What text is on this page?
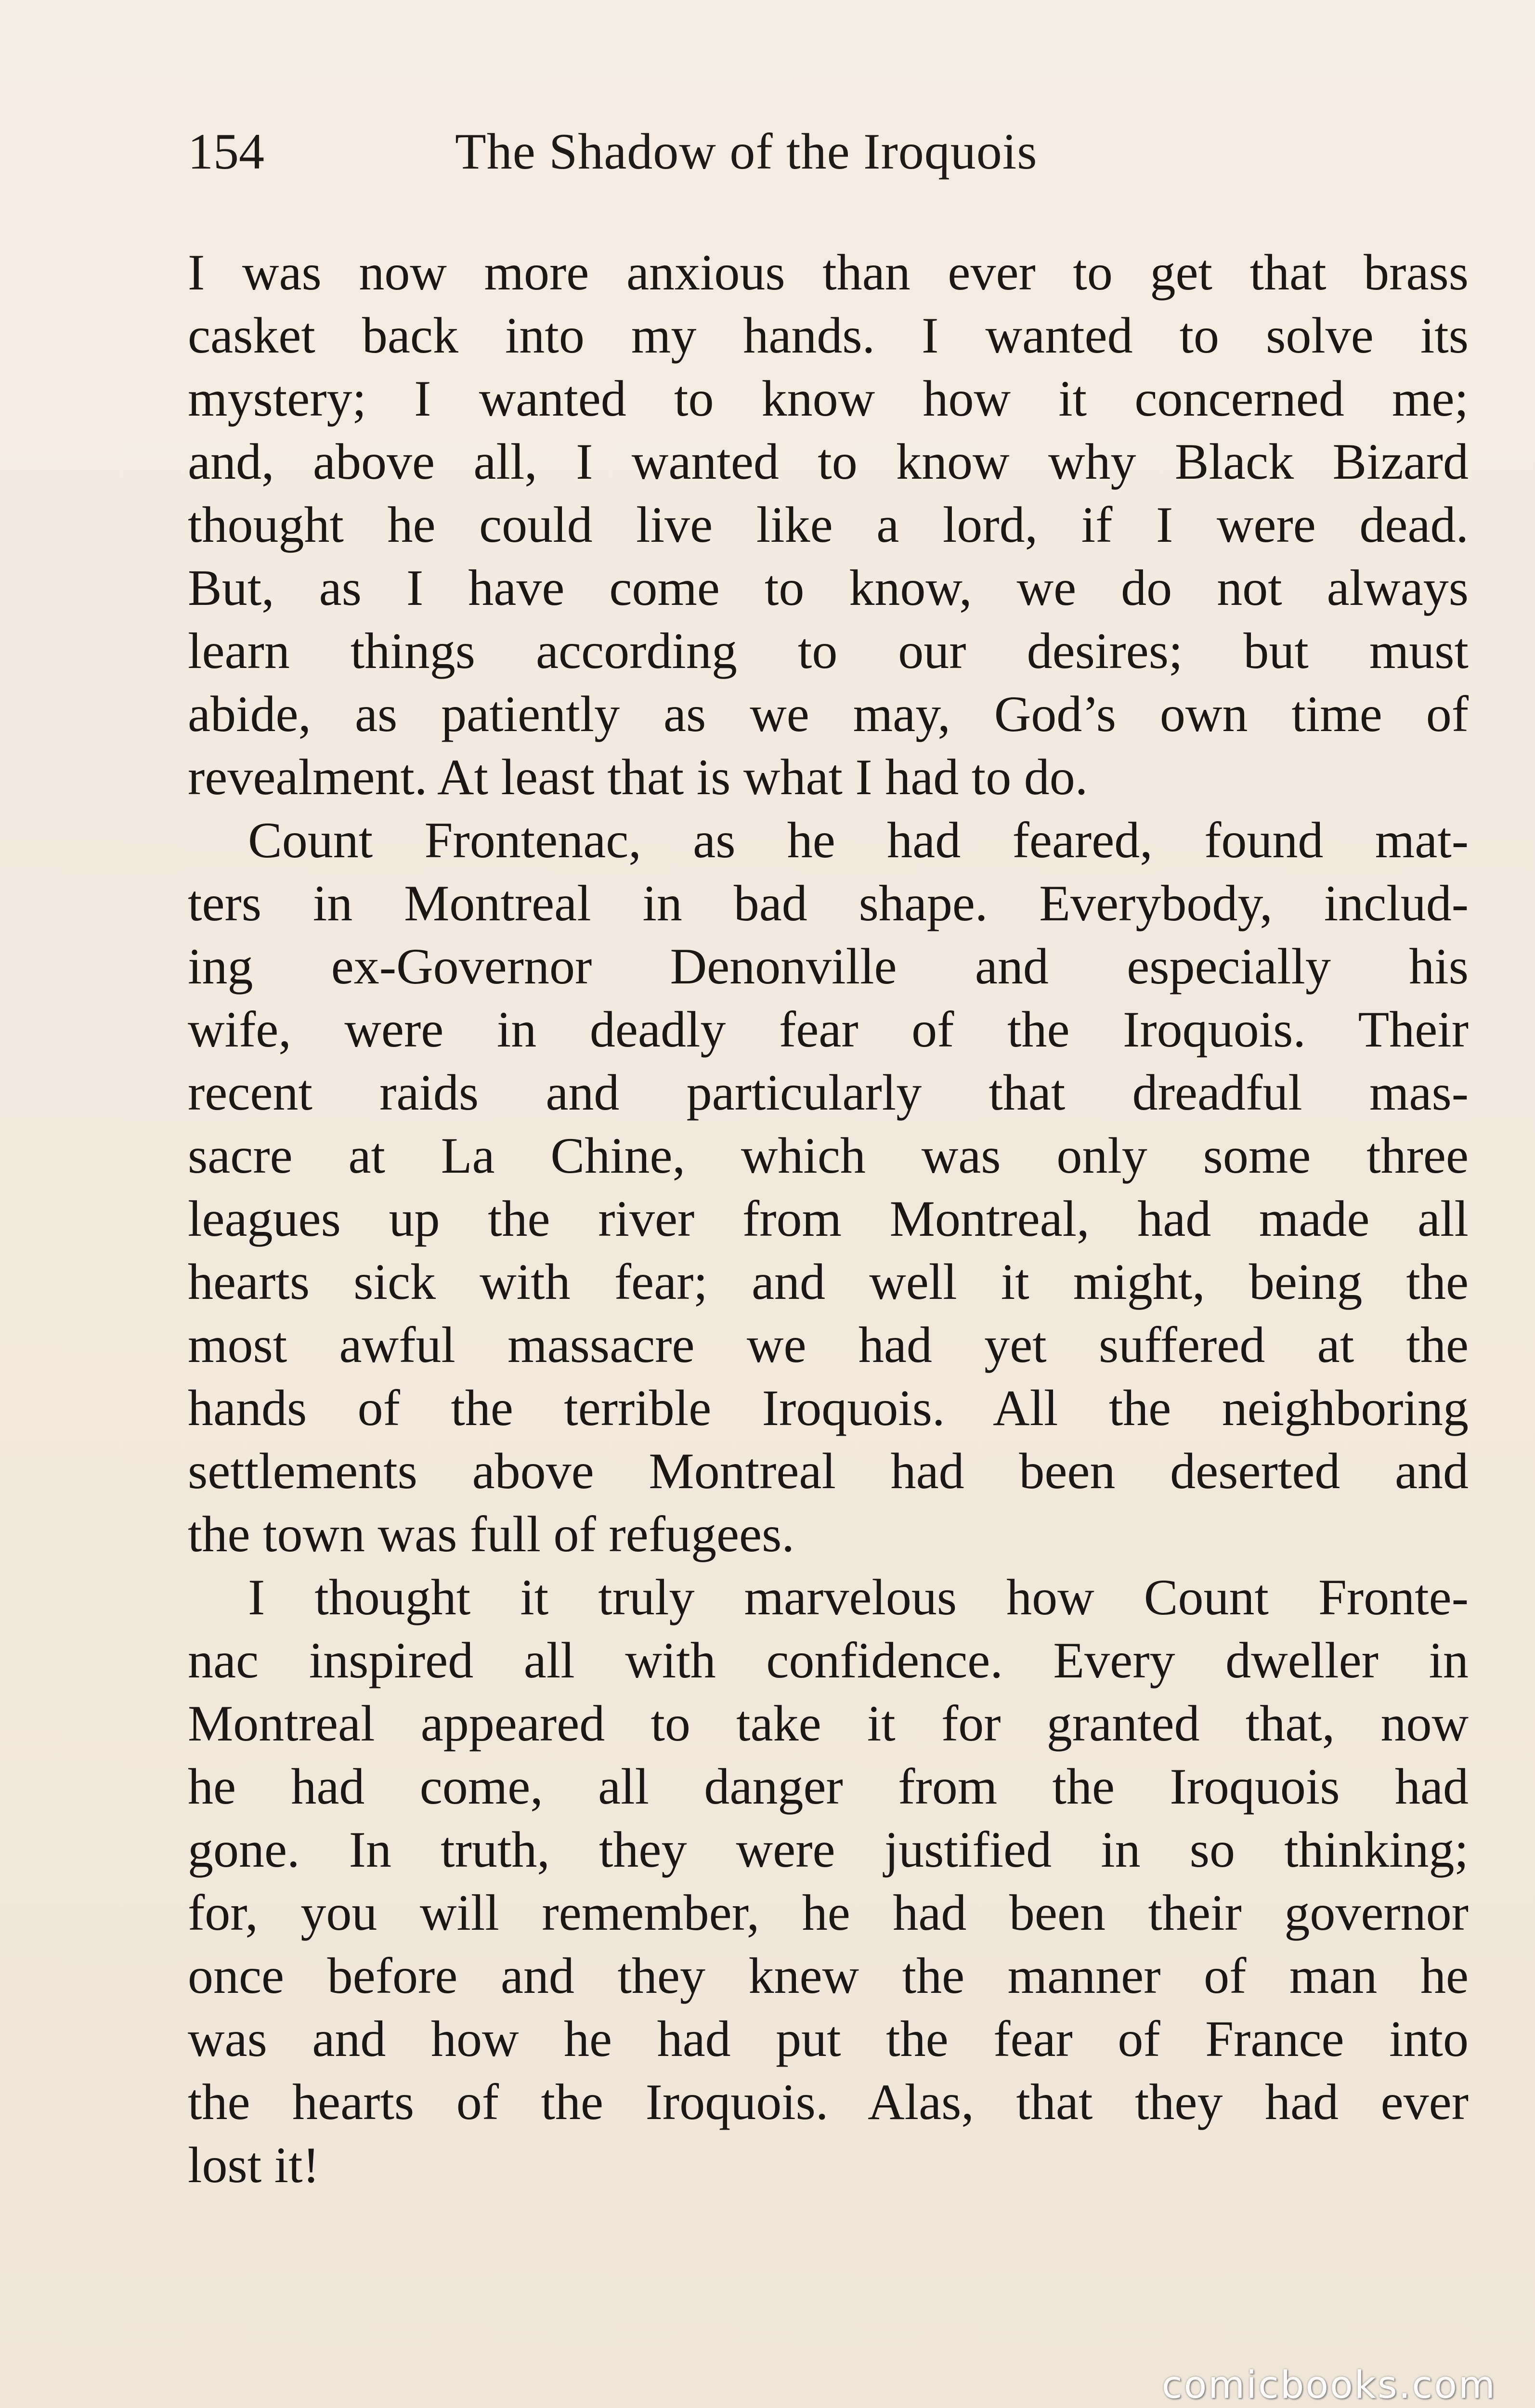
154	The Shadow of the Iroquois
I was now more anxious than ever to get that brass
casket back into my hands. I wanted to solve its
mystery; I wanted to know how it concerned me;
and, above all, I wanted to know why Black Bizard
thought he could live like a lord, if I were dead.
But, as I have come to know, we do not always
learn things according to our desires; but must
abide, as patiently as we may, God’s own time of
revealment. At least that is what I had to do.
Count Frontenac, as he had feared, found mat-
ters in Montreal in bad shape. Everybody, includ-
ing ex-Governor Denonville and especially his
wife, were in deadly fear of the Iroquois. Their
recent raids and particularly that dreadful mas-
sacre at La Chine, which was only some three
leagues up the river from Montreal, had made all
hearts sick with fear; and well it might, being the
most awful massacre we had yet suffered at the
hands of the terrible Iroquois. All the neighboring
settlements above Montreal had been deserted and
the town was full of refugees.
I thought it truly marvelous how Count Fronte-
nac inspired all with confidence. Every dweller in
Montreal appeared to take it for granted that, now
he had come, all danger from the Iroquois had
gone. In truth, they were justified in so thinking;
for, you will remember, he had been their governor
once before and they knew the manner of man he
was and how he had put the fear of France into
the hearts of the Iroquois. Alas, that they had ever
lost it!
comicbooks.com
